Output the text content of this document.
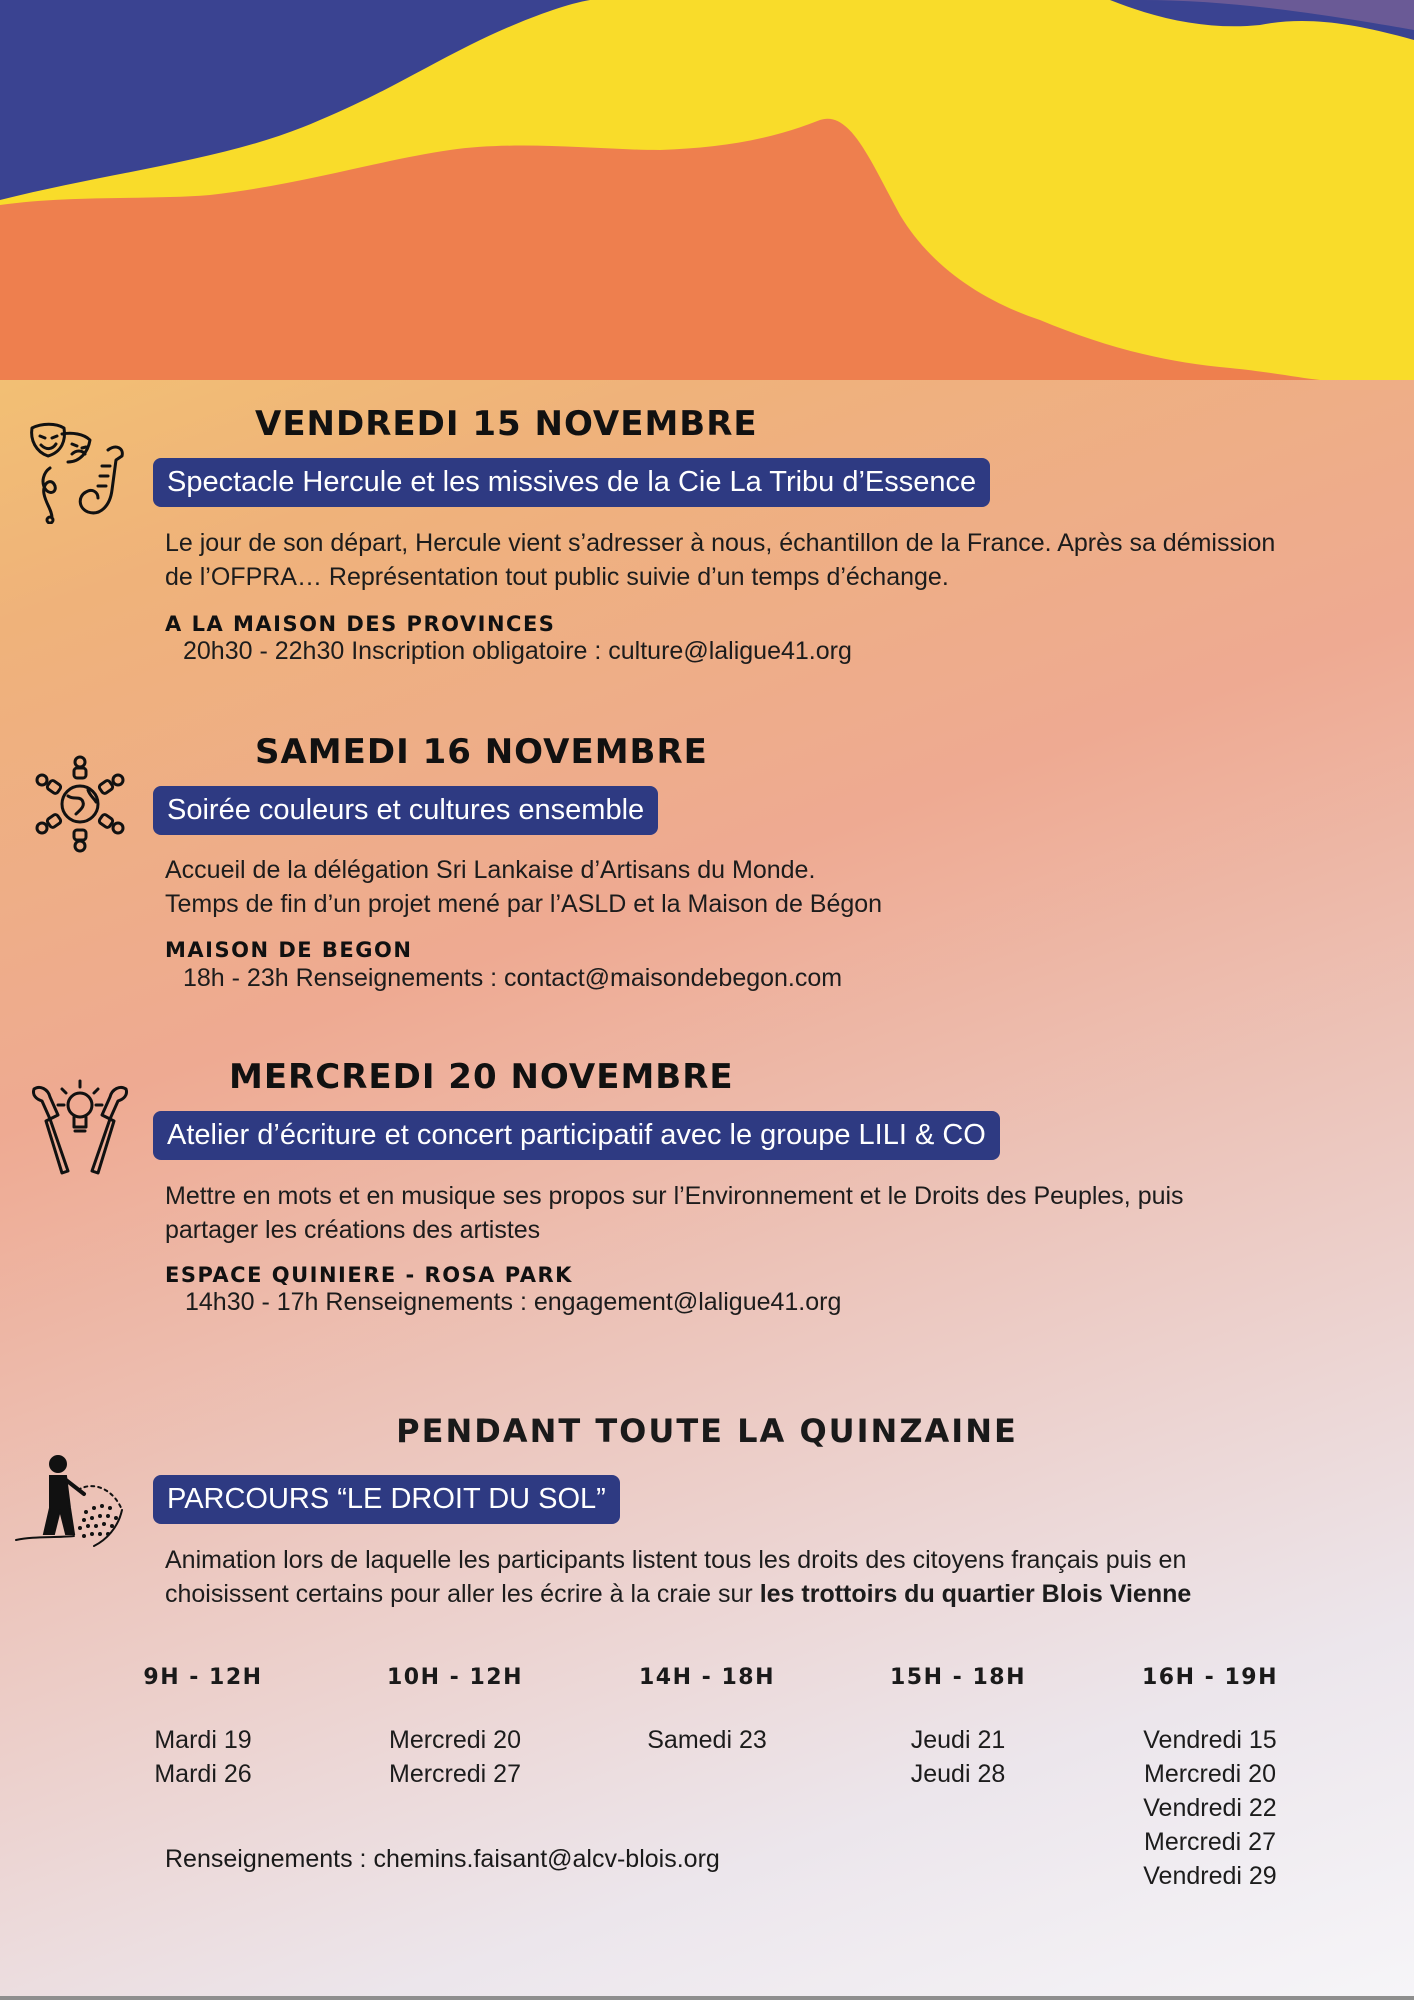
VENDREDI 15 NOVEMBRE
Spectacle Hercule et les missives de la Cie La Tribu d’Essence

Le jour de son départ, Hercule vient s’adresser à nous, échantillon de la France. Après sa démission
de l’OFPRA… Représentation tout public suivie d’un temps d’échange.

A LA MAISON DES PROVINCES
20h30 - 22h30 Inscription obligatoire : culture@laligue41.org
SAMEDI 16 NOVEMBRE
Soirée couleurs et cultures ensemble

Accueil de la délégation Sri Lankaise d’Artisans du Monde.
Temps de fin d’un projet mené par l’ASLD et la Maison de Bégon

MAISON DE BEGON
18h - 23h Renseignements : contact@maisondebegon.com
MERCREDI 20 NOVEMBRE
Atelier d’écriture et concert participatif avec le groupe LILI & CO

Mettre en mots et en musique ses propos sur l’Environnement et le Droits des Peuples, puis
partager les créations des artistes

ESPACE QUINIERE - ROSA PARK
14h30 - 17h Renseignements : engagement@laligue41.org
PENDANT TOUTE LA QUINZAINE
PARCOURS “LE DROIT DU SOL”

Animation lors de laquelle les participants listent tous les droits des citoyens français puis en
choisissent certains pour aller les écrire à la craie sur les trottoirs du quartier Blois Vienne

9H - 12H
Mardi 19
Mardi 26
10H - 12H
Mercredi 20
Mercredi 27
14H - 18H
Samedi 23
15H - 18H
Jeudi 21
Jeudi 28
16H - 19H
Vendredi 15
Mercredi 20
Vendredi 22
Mercredi 27
Vendredi 29
Renseignements : chemins.faisant@alcv-blois.org
